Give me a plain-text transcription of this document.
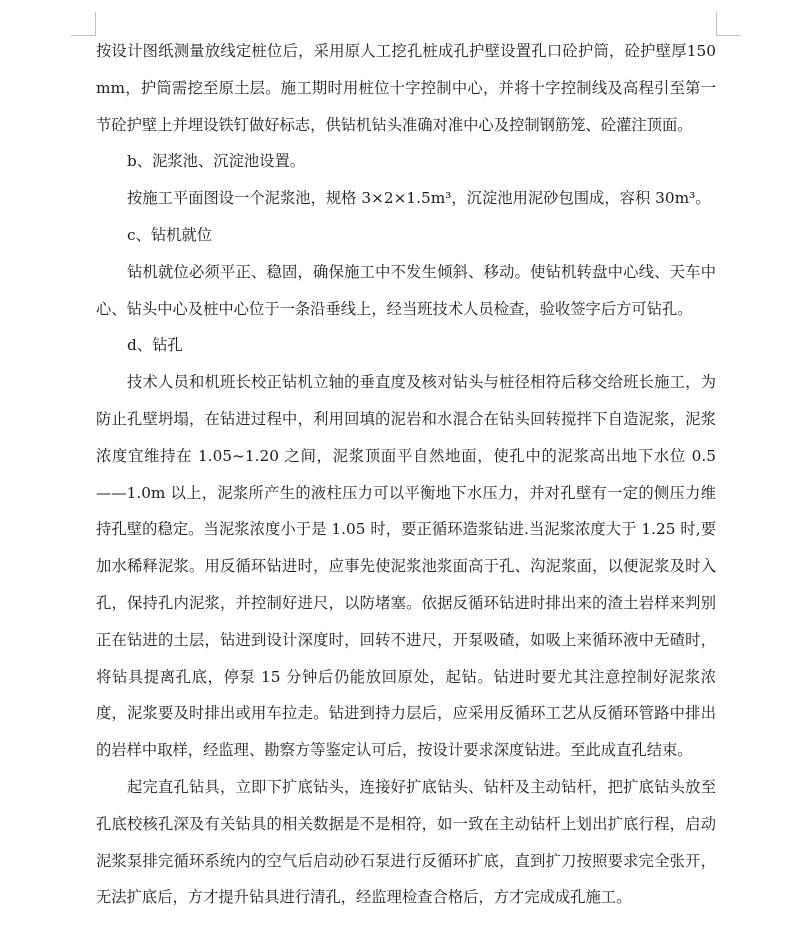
按设计图纸测量放线定桩位后，采用原人工挖孔桩成孔护壁设置孔口砼护筒，砼护壁厚150mm，护筒需挖至原土层。施工期时用桩位十字控制中心，并将十字控制线及高程引至第一节砼护壁上并埋设铁钉做好标志，供钻机钻头准确对准中心及控制钢筋笼、砼灌注顶面。

b、泥浆池、沉淀池设置。

按施工平面图设一个泥浆池，规格 3×2×1.5m³，沉淀池用泥砂包围成，容积 30m³。

c、钻机就位

钻机就位必须平正、稳固，确保施工中不发生倾斜、移动。使钻机转盘中心线、天车中心、钻头中心及桩中心位于一条沿垂线上，经当班技术人员检查，验收签字后方可钻孔。

d、钻孔

技术人员和机班长校正钻机立轴的垂直度及核对钻头与桩径相符后移交给班长施工，为防止孔壁坍塌，在钻进过程中，利用回填的泥岩和水混合在钻头回转搅拌下自造泥浆，泥浆浓度宜维持在 1.05~1.20 之间，泥浆顶面平自然地面，使孔中的泥浆高出地下水位 0.5——1.0m 以上，泥浆所产生的液柱压力可以平衡地下水压力，并对孔壁有一定的侧压力维持孔壁的稳定。当泥浆浓度小于是 1.05 时，要正循环造浆钻进.当泥浆浓度大于 1.25 时,要加水稀释泥浆。用反循环钻进时，应事先使泥浆池浆面高于孔、沟泥浆面，以便泥浆及时入孔，保持孔内泥浆，并控制好进尺，以防堵塞。依据反循环钻进时排出来的渣土岩样来判别正在钻进的土层，钻进到设计深度时，回转不进尺，开泵吸碴，如吸上来循环液中无碴时，将钻具提离孔底，停泵 15 分钟后仍能放回原处，起钻。钻进时要尤其注意控制好泥浆浓度，泥浆要及时排出或用车拉走。钻进到持力层后，应采用反循环工艺从反循环管路中排出的岩样中取样，经监理、勘察方等鉴定认可后，按设计要求深度钻进。至此成直孔结束。

起完直孔钻具，立即下扩底钻头，连接好扩底钻头、钻杆及主动钻杆，把扩底钻头放至孔底校核孔深及有关钻具的相关数据是不是相符，如一致在主动钻杆上划出扩底行程，启动泥浆泵排完循环系统内的空气后启动砂石泵进行反循环扩底，直到扩刀按照要求完全张开，无法扩底后，方才提升钻具进行清孔，经监理检查合格后，方才完成成孔施工。
